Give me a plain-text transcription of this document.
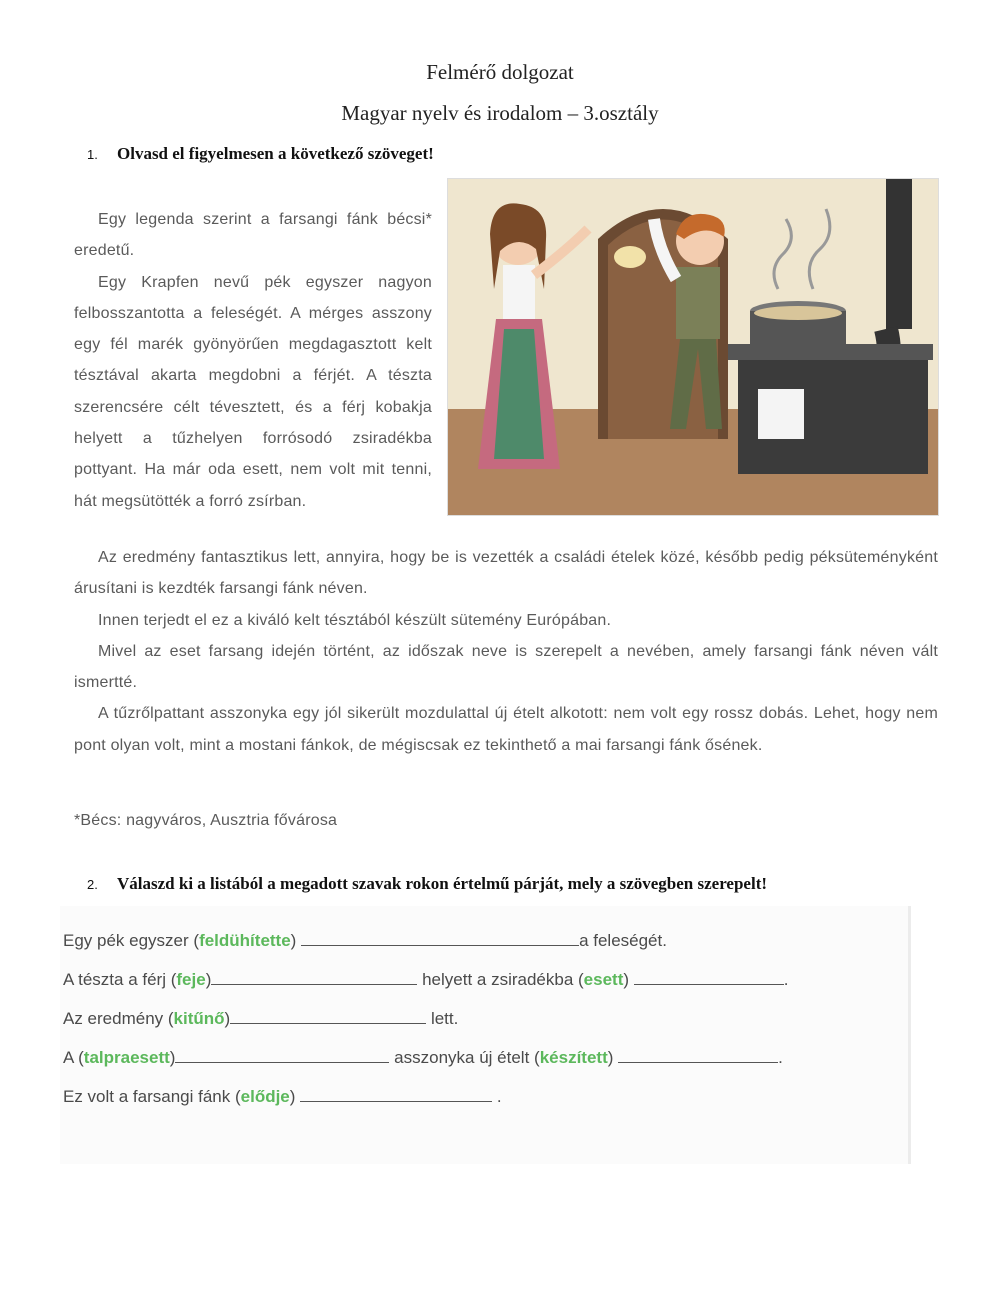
Felmérő dolgozat
Magyar nyelv és irodalom – 3.osztály
1. Olvasd el figyelmesen a következő szöveget!

Egy legenda szerint a farsangi fánk bécsi* eredetű.

Egy Krapfen nevű pék egyszer nagyon felbosszantotta a feleségét. A mérges asszony egy fél marék gyönyörűen megdagasztott kelt tésztával akarta megdobni a férjét. A tészta szerencsére célt tévesztett, és a férj kobakja helyett a tűzhelyen forrósodó zsiradékba pottyant. Ha már oda esett, nem volt mit tenni, hát megsütötték a forró zsírban.

Az eredmény fantasztikus lett, annyira, hogy be is vezették a családi ételek közé, később pedig péksüteményként árusítani is kezdték farsangi fánk néven.

Innen terjedt el ez a kiváló kelt tésztából készült sütemény Európában.

Mivel az eset farsang idején történt, az időszak neve is szerepelt a nevében, amely farsangi fánk néven vált ismertté.

A tűzrőlpattant asszonyka egy jól sikerült mozdulattal új ételt alkotott: nem volt egy rossz dobás. Lehet, hogy nem pont olyan volt, mint a mostani fánkok, de mégiscsak ez tekinthető a mai farsangi fánk ősének.

*Bécs: nagyváros, Ausztria fővárosa
2. Válaszd ki a listából a megadott szavak rokon értelmű párját, mely a szövegben szerepelt!
Egy pék egyszer (feldühítette)	a feleségét.
A tészta a férj (feje)	helyett a zsiradékba (esett)	.
Az eredmény (kitűnő)	lett.
A (talpraesett)	asszonyka új ételt (készített)	.
Ez volt a farsangi fánk (elődje)	.
